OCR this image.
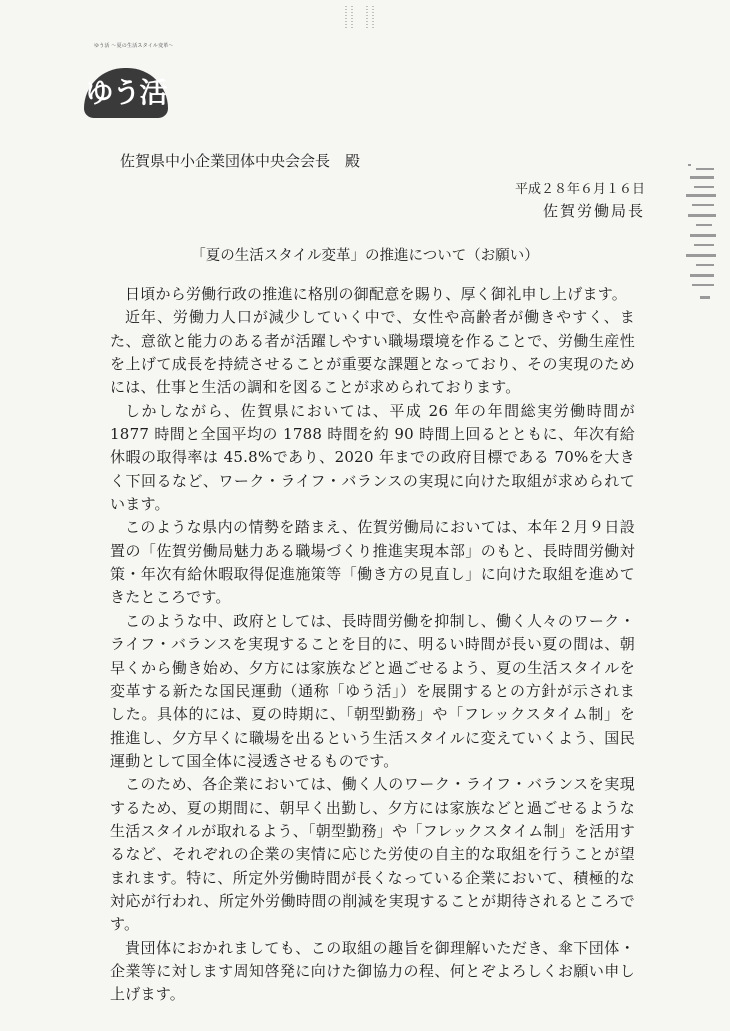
ゆう活 〜夏の生活スタイル変革〜
ゆう活
佐賀県中小企業団体中央会会長　殿
平成２８年６月１６日
佐賀労働局長
「夏の生活スタイル変革」の推進について（お願い）

日頃から労働行政の推進に格別の御配意を賜り、厚く御礼申し上げます。

近年、労働力人口が減少していく中で、女性や高齢者が働きやすく、また、意欲と能力のある者が活躍しやすい職場環境を作ることで、労働生産性を上げて成長を持続させることが重要な課題となっており、その実現のためには、仕事と生活の調和を図ることが求められております。

しかしながら、佐賀県においては、平成 26 年の年間総実労働時間が 1877 時間と全国平均の 1788 時間を約 90 時間上回るとともに、年次有給休暇の取得率は 45.8%であり、2020 年までの政府目標である 70%を大きく下回るなど、ワーク・ライフ・バランスの実現に向けた取組が求められています。

このような県内の情勢を踏まえ、佐賀労働局においては、本年２月９日設置の「佐賀労働局魅力ある職場づくり推進実現本部」のもと、長時間労働対策・年次有給休暇取得促進施策等「働き方の見直し」に向けた取組を進めてきたところです。

このような中、政府としては、長時間労働を抑制し、働く人々のワーク・ライフ・バランスを実現することを目的に、明るい時間が長い夏の間は、朝早くから働き始め、夕方には家族などと過ごせるよう、夏の生活スタイルを変革する新たな国民運動（通称「ゆう活」）を展開するとの方針が示されました。具体的には、夏の時期に、「朝型勤務」や「フレックスタイム制」を推進し、夕方早くに職場を出るという生活スタイルに変えていくよう、国民運動として国全体に浸透させるものです。

このため、各企業においては、働く人のワーク・ライフ・バランスを実現するため、夏の期間に、朝早く出勤し、夕方には家族などと過ごせるような生活スタイルが取れるよう、「朝型勤務」や「フレックスタイム制」を活用するなど、それぞれの企業の実情に応じた労使の自主的な取組を行うことが望まれます。特に、所定外労働時間が長くなっている企業において、積極的な対応が行われ、所定外労働時間の削減を実現することが期待されるところです。

貴団体におかれましても、この取組の趣旨を御理解いただき、傘下団体・企業等に対します周知啓発に向けた御協力の程、何とぞよろしくお願い申し上げます。
